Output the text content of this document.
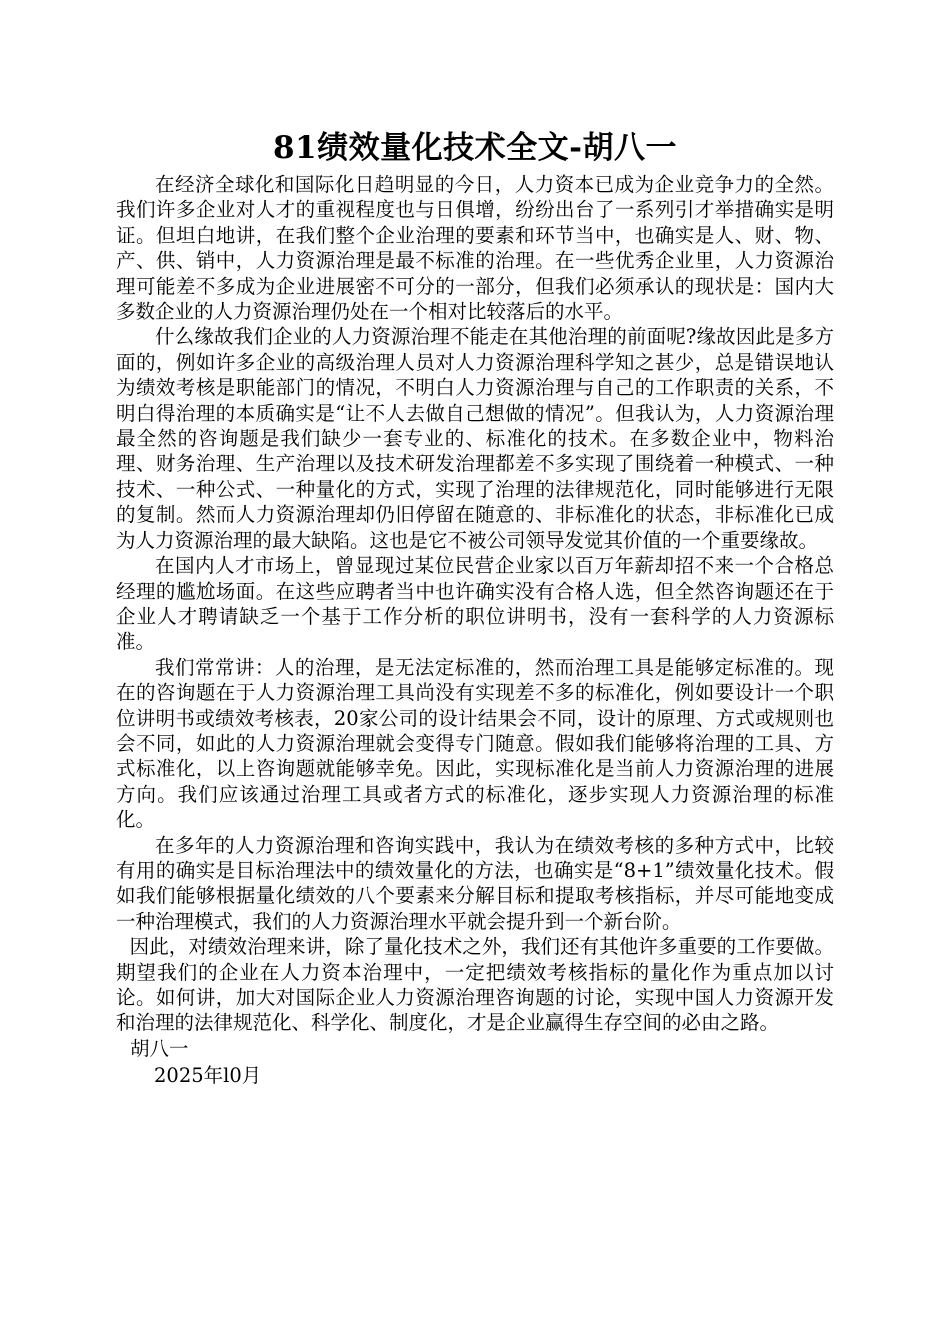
81绩效量化技术全文-胡八一

在经济全球化和国际化日趋明显的今日，人力资本已成为企业竞争力的全然。我们许多企业对人才的重视程度也与日俱增，纷纷出台了一系列引才举措确实是明证。但坦白地讲，在我们整个企业治理的要素和环节当中，也确实是人、财、物、产、供、销中，人力资源治理是最不标准的治理。在一些优秀企业里，人力资源治理可能差不多成为企业进展密不可分的一部分，但我们必须承认的现状是：国内大多数企业的人力资源治理仍处在一个相对比较落后的水平。

什么缘故我们企业的人力资源治理不能走在其他治理的前面呢?缘故因此是多方面的，例如许多企业的高级治理人员对人力资源治理科学知之甚少，总是错误地认为绩效考核是职能部门的情况，不明白人力资源治理与自己的工作职责的关系，不明白得治理的本质确实是“让不人去做自己想做的情况”。但我认为，人力资源治理最全然的咨询题是我们缺少一套专业的、标准化的技术。在多数企业中，物料治理、财务治理、生产治理以及技术研发治理都差不多实现了围绕着一种模式、一种技术、一种公式、一种量化的方式，实现了治理的法律规范化，同时能够进行无限的复制。然而人力资源治理却仍旧停留在随意的、非标准化的状态，非标准化已成为人力资源治理的最大缺陷。这也是它不被公司领导发觉其价值的一个重要缘故。

在国内人才市场上，曾显现过某位民营企业家以百万年薪却招不来一个合格总经理的尴尬场面。在这些应聘者当中也许确实没有合格人选，但全然咨询题还在于企业人才聘请缺乏一个基于工作分析的职位讲明书，没有一套科学的人力资源标准。

我们常常讲：人的治理，是无法定标准的，然而治理工具是能够定标准的。现在的咨询题在于人力资源治理工具尚没有实现差不多的标准化，例如要设计一个职位讲明书或绩效考核表，20家公司的设计结果会不同，设计的原理、方式或规则也会不同，如此的人力资源治理就会变得专门随意。假如我们能够将治理的工具、方式标准化，以上咨询题就能够幸免。因此，实现标准化是当前人力资源治理的进展方向。我们应该通过治理工具或者方式的标准化，逐步实现人力资源治理的标准化。

在多年的人力资源治理和咨询实践中，我认为在绩效考核的多种方式中，比较有用的确实是目标治理法中的绩效量化的方法，也确实是“8+1”绩效量化技术。假如我们能够根据量化绩效的八个要素来分解目标和提取考核指标，并尽可能地变成一种治理模式，我们的人力资源治理水平就会提升到一个新台阶。

因此，对绩效治理来讲，除了量化技术之外，我们还有其他许多重要的工作要做。期望我们的企业在人力资本治理中，一定把绩效考核指标的量化作为重点加以讨论。如何讲，加大对国际企业人力资源治理咨询题的讨论，实现中国人力资源开发和治理的法律规范化、科学化、制度化，才是企业赢得生存空间的必由之路。

胡八一

2025年l0月
